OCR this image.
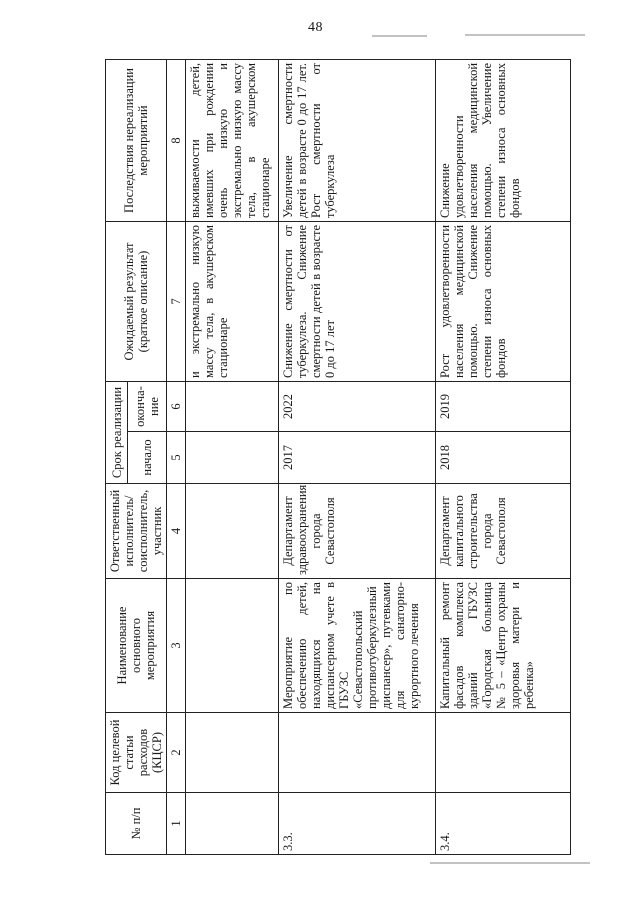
48
№ п/п	Код целевой статьи расходов (КЦСР)	Наименование основного мероприятия	Ответственный исполнитель/ соисполнитель, участник	Срок реализации		Ожидаемый результат (краткое описание)	Последствия нереализации мероприятий
				начало	оконча-ние		
1	2	3	4	5	6	7	8
						и экстремально низкую массу тела, в акушерском стационаре	выживаемости детей, имевших при рождении очень низкую и экстремально низкую массу тела, в акушерском стационаре
3.3.		Мероприятие по обеспечению детей, находящихся на диспансерном учете в ГБУЗС «Севастопольский противотуберкулезный диспансер», путевками для санаторно-курортного лечения	Департамент здравоохранения города Севастополя	2017	2022	Снижение смертности от туберкулеза. Снижение смертности детей в возрасте 0 до 17 лет	Увеличение смертности детей в возрасте 0 до 17 лет. Рост смертности от туберкулеза
3.4.		Капитальный ремонт фасадов комплекса зданий ГБУЗС «Городская больница № 5 – «Центр охраны здоровья матери и ребенка»	Департамент капитального строительства города Севастополя	2018	2019	Рост удовлетворенности населения медицинской помощью. Снижение степени износа основных фондов	Снижение удовлетворенности населения медицинской помощью. Увеличение степени износа основных фондов
